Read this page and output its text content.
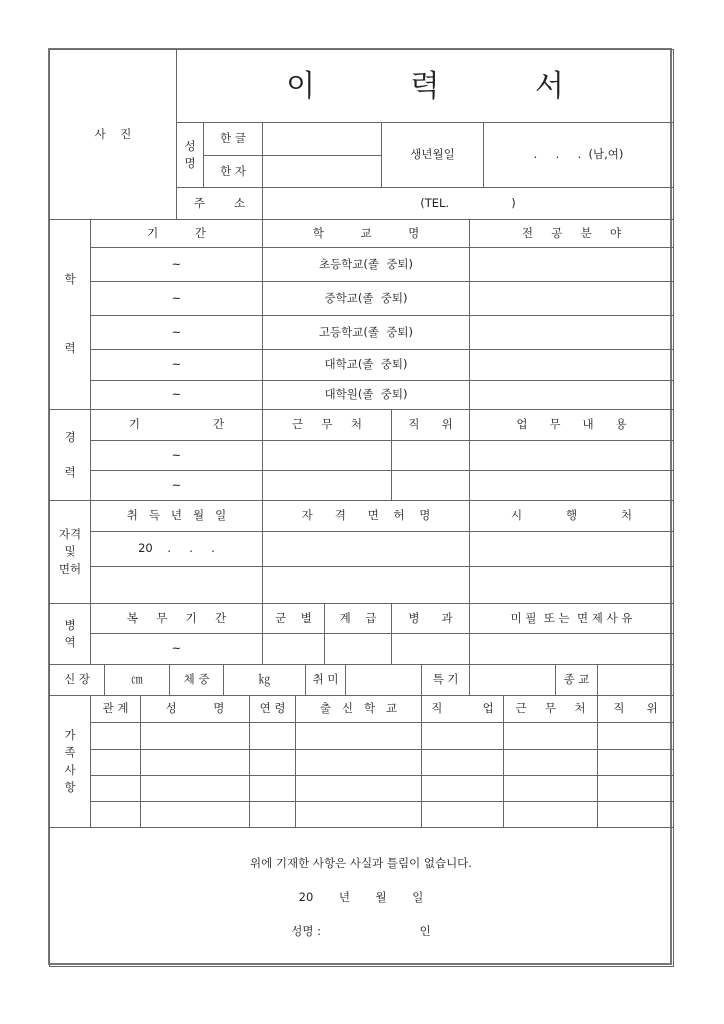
직      위
근     무     처
직           업
출   신   학   교
연 령
성          명
관 계
가
족
사
항
종 교
특 기
취 미
㎏
체 중
㎝
신 장
~
미 필  또 는  면 제 사 유
병      과
계    급
군    별
복     무     기     간
병
역
20    .     .     .
시            행            처
자      격      면    허    명
취   득   년   월   일
자격
및
면허
~
~
업      무      내      용
직      위
근     무     처
기                    간
경

력
대학원(졸  중퇴)
~
대학교(졸  중퇴)
~
고등학교(졸  중퇴)
~
중학교(졸  중퇴)
~
초등학교(졸  중퇴)
~
전     공     분     야
학          교          명
기          간
학

력
(TEL.                 )
주        소
.     .     .  (남,여)
생년월일
한 자
한 글
성
명
이          력          서
사    진
위에 기재한 사항은 사실과 틀림이 없습니다.
20       년       월       일
성명 :                           인
